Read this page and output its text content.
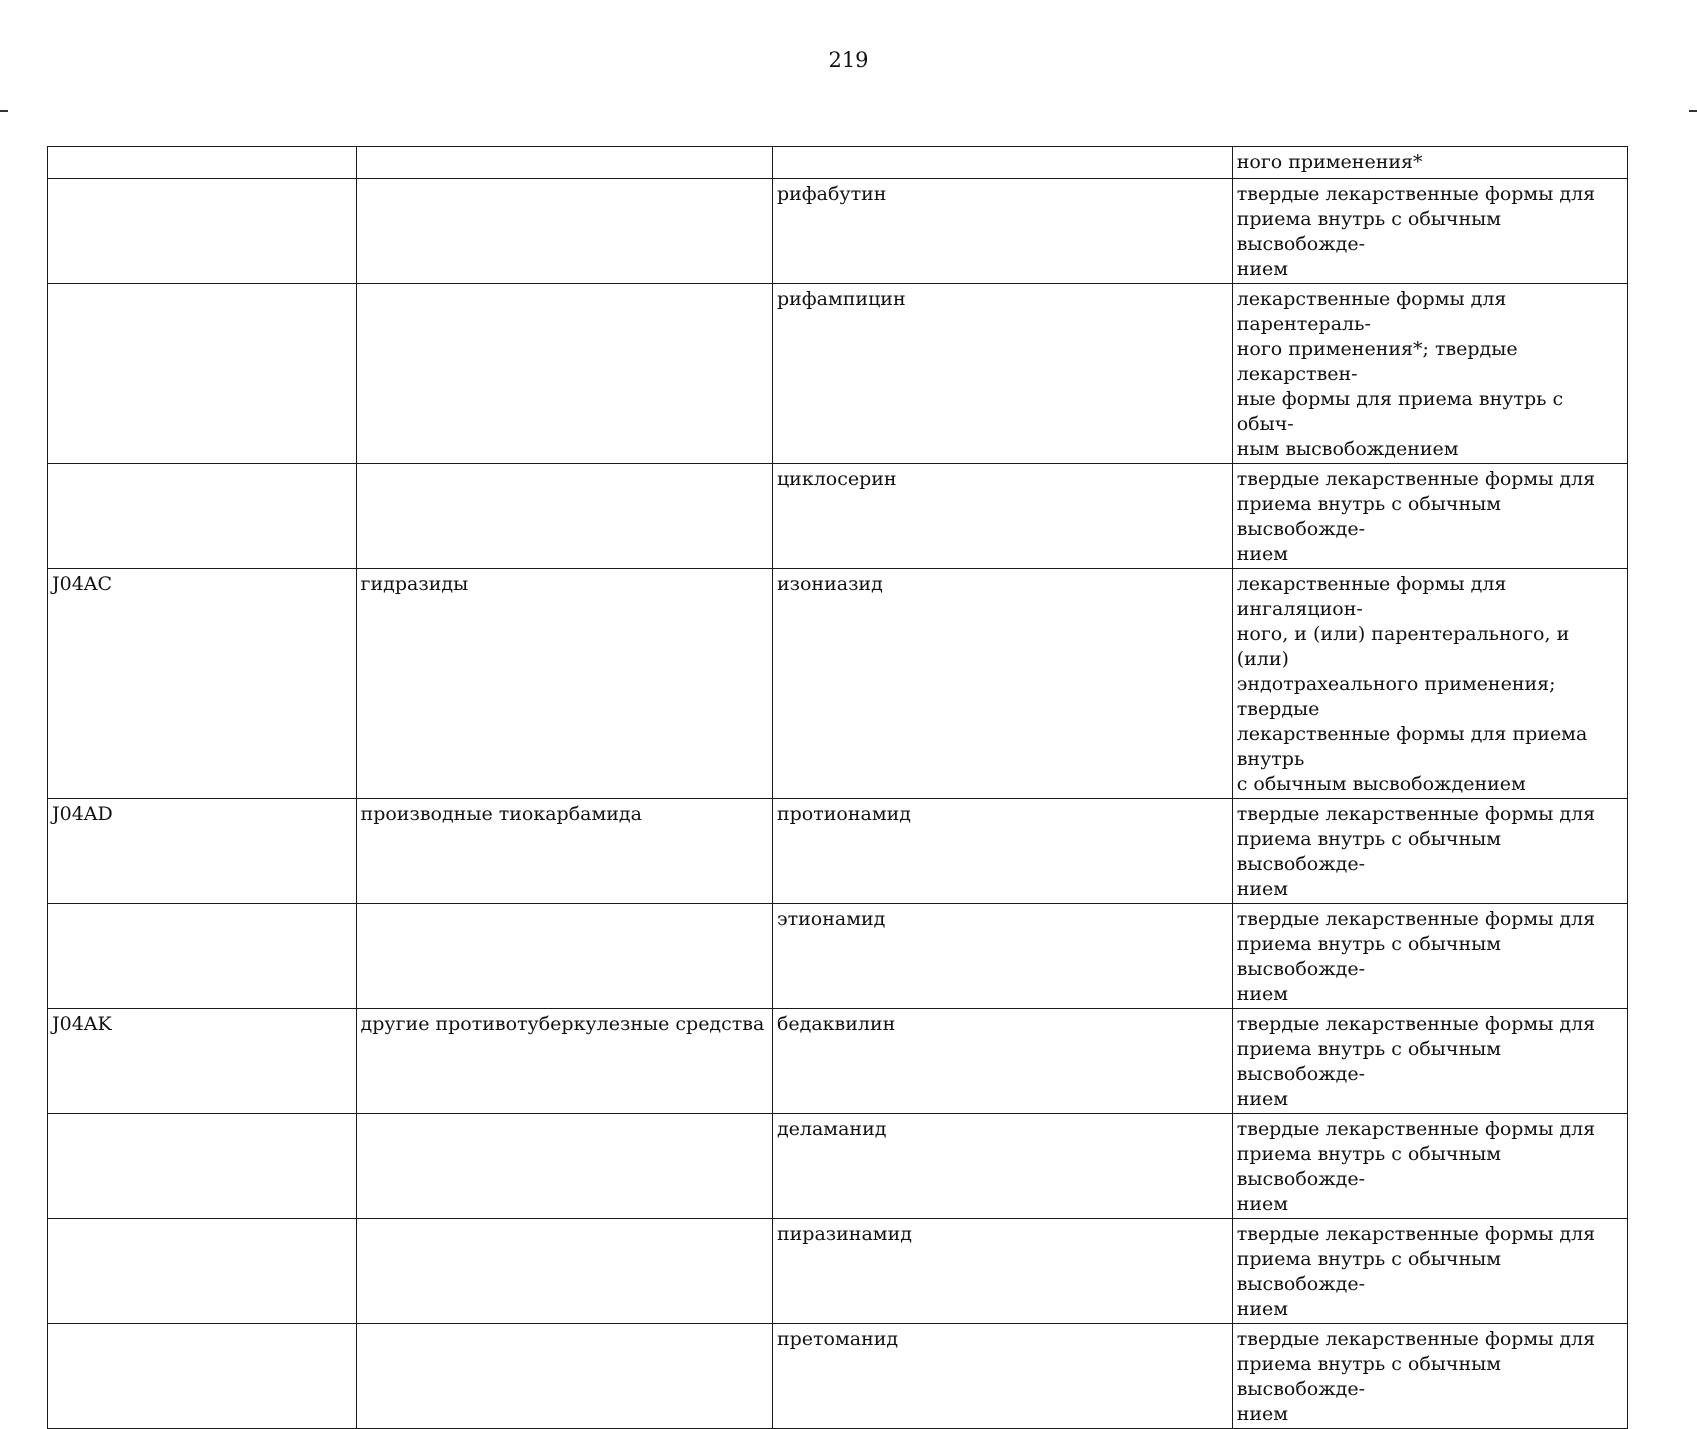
219
			ного применения*
		рифабутин	твердые лекарственные формы для
приема внутрь с обычным высвобожде-
нием
		рифампицин	лекарственные формы для парентераль-
ного применения*; твердые лекарствен-
ные формы для приема внутрь с обыч-
ным высвобождением
		циклосерин	твердые лекарственные формы для
приема внутрь с обычным высвобожде-
нием
J04AC	гидразиды	изониазид	лекарственные формы для ингаляцион-
ного, и (или) парентерального, и (или)
эндотрахеального применения; твердые
лекарственные формы для приема внутрь
с обычным высвобождением
J04AD	производные тиокарбамида	протионамид	твердые лекарственные формы для
приема внутрь с обычным высвобожде-
нием
		этионамид	твердые лекарственные формы для
приема внутрь с обычным высвобожде-
нием
J04AK	другие противотуберкулезные средства	бедаквилин	твердые лекарственные формы для
приема внутрь с обычным высвобожде-
нием
		деламанид	твердые лекарственные формы для
приема внутрь с обычным высвобожде-
нием
		пиразинамид	твердые лекарственные формы для
приема внутрь с обычным высвобожде-
нием
		претоманид	твердые лекарственные формы для
приема внутрь с обычным высвобожде-
нием
